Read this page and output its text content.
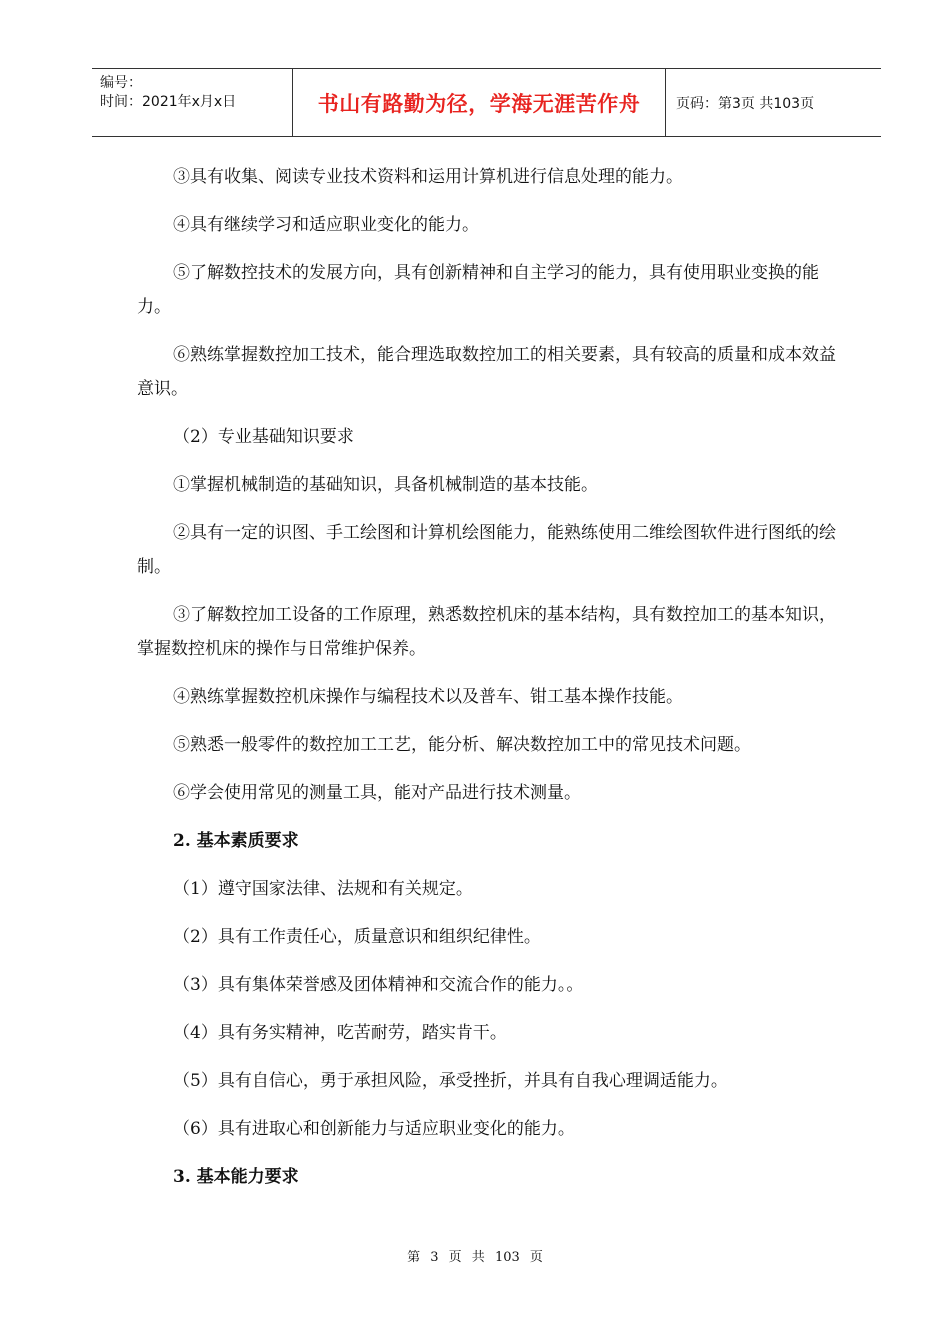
编号：
时间：2021年x月x日	书山有路勤为径，学海无涯苦作舟	页码：第3页 共103页

③具有收集、阅读专业技术资料和运用计算机进行信息处理的能力。

④具有继续学习和适应职业变化的能力。

⑤了解数控技术的发展方向，具有创新精神和自主学习的能力，具有使用职业变换的能力。

⑥熟练掌握数控加工技术，能合理选取数控加工的相关要素，具有较高的质量和成本效益意识。

（2）专业基础知识要求

①掌握机械制造的基础知识，具备机械制造的基本技能。

②具有一定的识图、手工绘图和计算机绘图能力，能熟练使用二维绘图软件进行图纸的绘制。

③了解数控加工设备的工作原理，熟悉数控机床的基本结构，具有数控加工的基本知识，掌握数控机床的操作与日常维护保养。

④熟练掌握数控机床操作与编程技术以及普车、钳工基本操作技能。

⑤熟悉一般零件的数控加工工艺，能分析、解决数控加工中的常见技术问题。

⑥学会使用常见的测量工具，能对产品进行技术测量。

2. 基本素质要求

（1）遵守国家法律、法规和有关规定。

（2）具有工作责任心，质量意识和组织纪律性。

（3）具有集体荣誉感及团体精神和交流合作的能力。。

（4）具有务实精神，吃苦耐劳，踏实肯干。

（5）具有自信心，勇于承担风险，承受挫折，并具有自我心理调适能力。

（6）具有进取心和创新能力与适应职业变化的能力。

3. 基本能力要求

第 3 页 共 103 页
